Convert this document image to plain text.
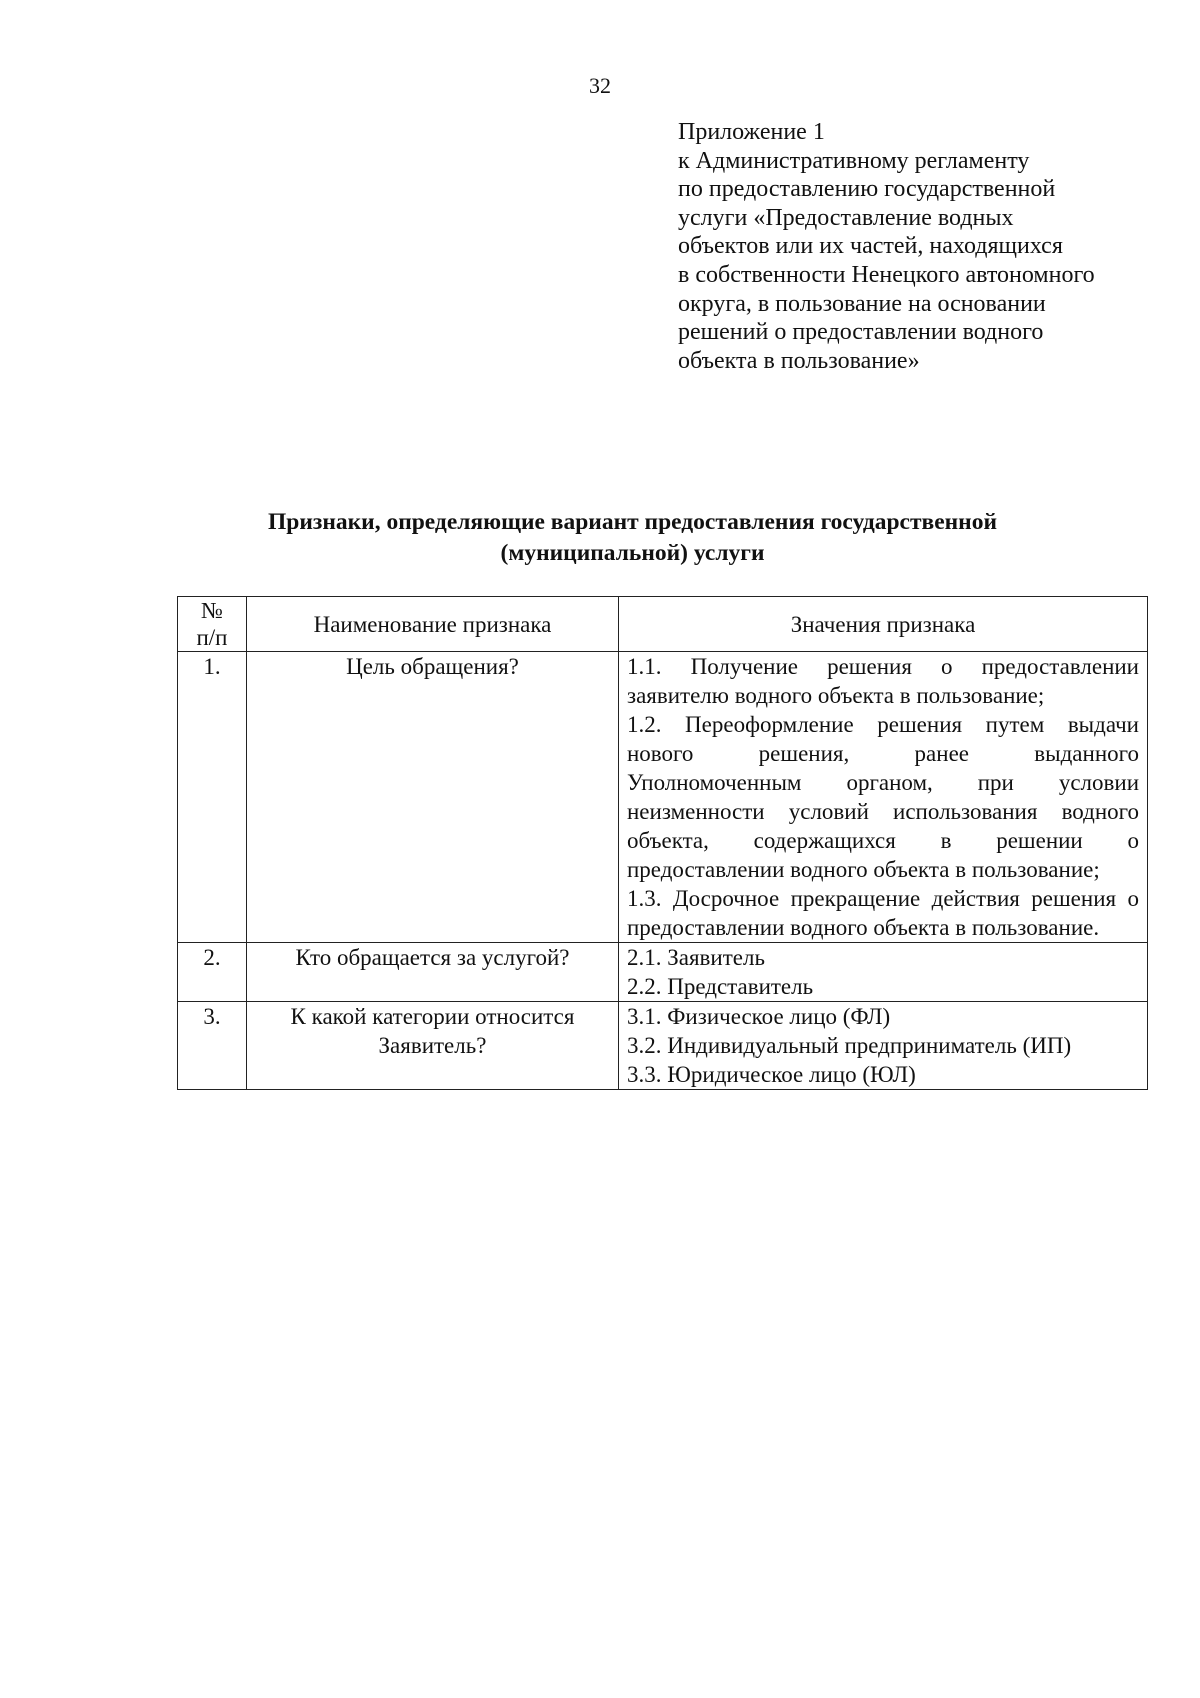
32
Приложение 1
к Административному регламенту
по предоставлению государственной
услуги «Предоставление водных
объектов или их частей, находящихся
в собственности Ненецкого автономного
округа, в пользование на основании
решений о предоставлении водного
объекта в пользование»
Признаки, определяющие вариант предоставления государственной
(муниципальной) услуги
№
п/п	Наименование признака	Значения признака
1.	Цель обращения?	1.1. Получение решения о предоставлении заявителю водного объекта в пользование;
1.2. Переоформление решения путем выдачи нового решения, ранее выданного Уполномоченным органом, при условии неизменности условий использования водного объекта, содержащихся в решении о предоставлении водного объекта в пользование;
1.3. Досрочное прекращение действия решения о предоставлении водного объекта в пользование.

2.	Кто обращается за услугой?	2.1. Заявитель
2.2. Представитель

3.	К какой категории относится Заявитель?	3.1. Физическое лицо (ФЛ)
3.2. Индивидуальный предприниматель (ИП)
3.3. Юридическое лицо (ЮЛ)
